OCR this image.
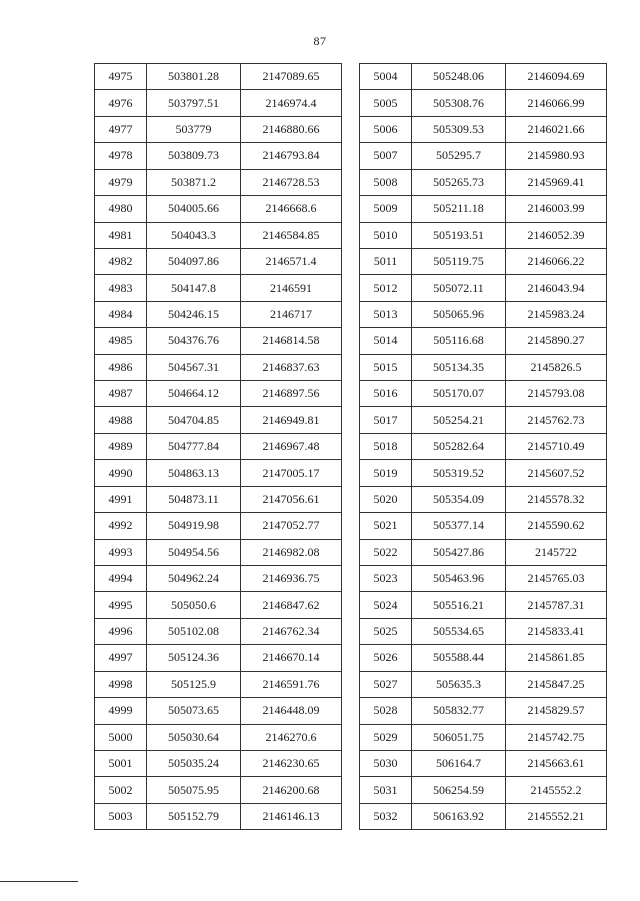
87
4975	503801.28	2147089.65
4976	503797.51	2146974.4
4977	503779	2146880.66
4978	503809.73	2146793.84
4979	503871.2	2146728.53
4980	504005.66	2146668.6
4981	504043.3	2146584.85
4982	504097.86	2146571.4
4983	504147.8	2146591
4984	504246.15	2146717
4985	504376.76	2146814.58
4986	504567.31	2146837.63
4987	504664.12	2146897.56
4988	504704.85	2146949.81
4989	504777.84	2146967.48
4990	504863.13	2147005.17
4991	504873.11	2147056.61
4992	504919.98	2147052.77
4993	504954.56	2146982.08
4994	504962.24	2146936.75
4995	505050.6	2146847.62
4996	505102.08	2146762.34
4997	505124.36	2146670.14
4998	505125.9	2146591.76
4999	505073.65	2146448.09
5000	505030.64	2146270.6
5001	505035.24	2146230.65
5002	505075.95	2146200.68
5003	505152.79	2146146.13
5004	505248.06	2146094.69
5005	505308.76	2146066.99
5006	505309.53	2146021.66
5007	505295.7	2145980.93
5008	505265.73	2145969.41
5009	505211.18	2146003.99
5010	505193.51	2146052.39
5011	505119.75	2146066.22
5012	505072.11	2146043.94
5013	505065.96	2145983.24
5014	505116.68	2145890.27
5015	505134.35	2145826.5
5016	505170.07	2145793.08
5017	505254.21	2145762.73
5018	505282.64	2145710.49
5019	505319.52	2145607.52
5020	505354.09	2145578.32
5021	505377.14	2145590.62
5022	505427.86	2145722
5023	505463.96	2145765.03
5024	505516.21	2145787.31
5025	505534.65	2145833.41
5026	505588.44	2145861.85
5027	505635.3	2145847.25
5028	505832.77	2145829.57
5029	506051.75	2145742.75
5030	506164.7	2145663.61
5031	506254.59	2145552.2
5032	506163.92	2145552.21
